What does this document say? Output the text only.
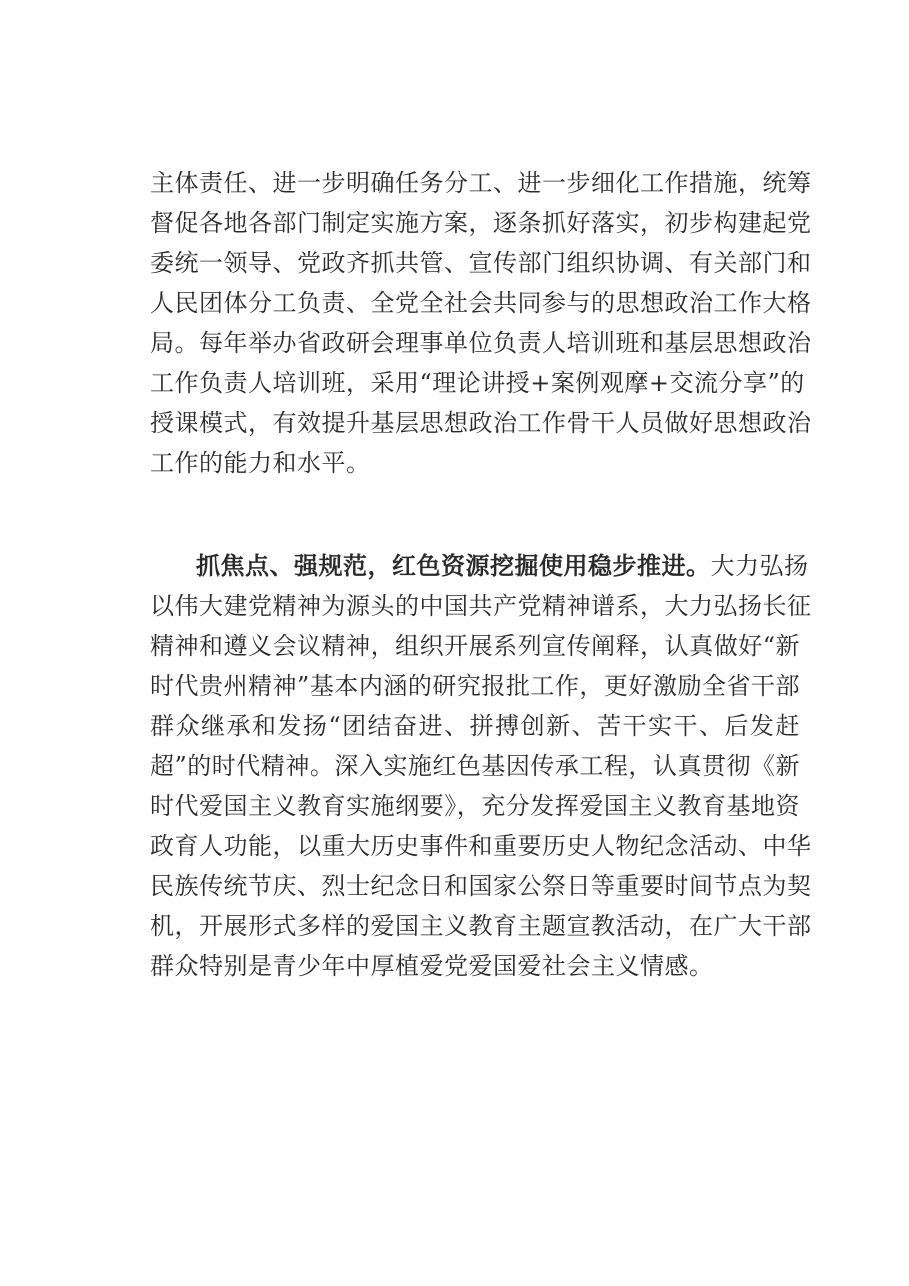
主体责任、进一步明确任务分工、进一步细化工作措施，统筹

督促各地各部门制定实施方案，逐条抓好落实，初步构建起党

委统一领导、党政齐抓共管、宣传部门组织协调、有关部门和

人民团体分工负责、全党全社会共同参与的思想政治工作大格

局。每年举办省政研会理事单位负责人培训班和基层思想政治

工作负责人培训班，采用“理论讲授+案例观摩+交流分享”的

授课模式，有效提升基层思想政治工作骨干人员做好思想政治

工作的能力和水平。

抓焦点、强规范，红色资源挖掘使用稳步推进。大力弘扬

以伟大建党精神为源头的中国共产党精神谱系，大力弘扬长征

精神和遵义会议精神，组织开展系列宣传阐释，认真做好“新

时代贵州精神”基本内涵的研究报批工作，更好激励全省干部

群众继承和发扬“团结奋进、拼搏创新、苦干实干、后发赶

超”的时代精神。深入实施红色基因传承工程，认真贯彻《新

时代爱国主义教育实施纲要》，充分发挥爱国主义教育基地资

政育人功能，以重大历史事件和重要历史人物纪念活动、中华

民族传统节庆、烈士纪念日和国家公祭日等重要时间节点为契

机，开展形式多样的爱国主义教育主题宣教活动，在广大干部

群众特别是青少年中厚植爱党爱国爱社会主义情感。
